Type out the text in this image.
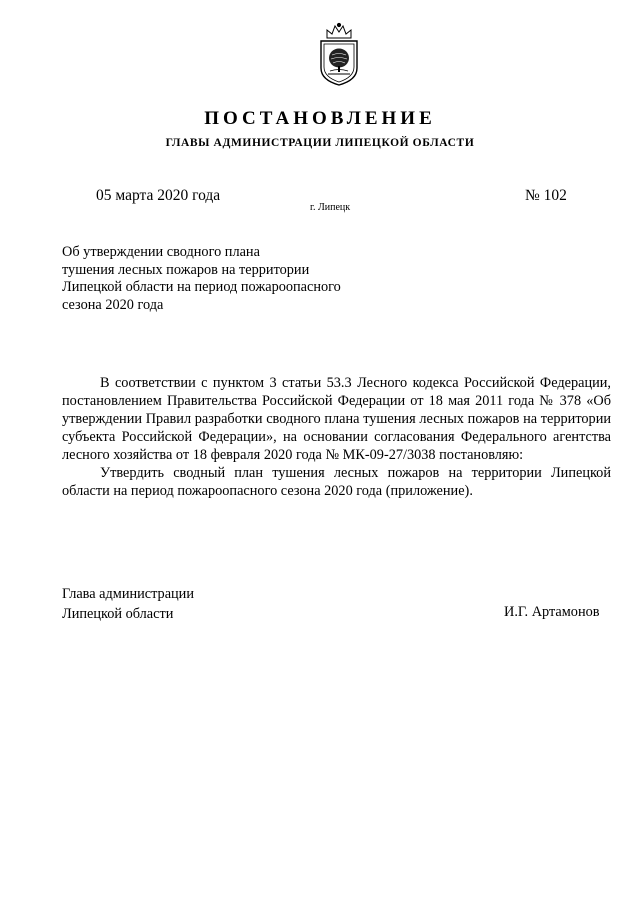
ПОСТАНОВЛЕНИЕ
ГЛАВЫ АДМИНИСТРАЦИИ ЛИПЕЦКОЙ ОБЛАСТИ
05 марта 2020 года
г. Липецк
№ 102
Об утверждении сводного плана
тушения лесных пожаров на территории
Липецкой области на период пожароопасного
сезона 2020 года

В соответствии с пунктом 3 статьи 53.3 Лесного кодекса Российской Федерации, постановлением Правительства Российской Федерации от 18 мая 2011 года № 378 «Об утверждении Правил разработки сводного плана тушения лесных пожаров на территории субъекта Российской Федерации», на основании согласования Федерального агентства лесного хозяйства от 18 февраля 2020 года № МК-09-27/3038 постановляю:

Утвердить сводный план тушения лесных пожаров на территории Липецкой области на период пожароопасного сезона 2020 года (приложение).

Глава администрации
Липецкой области	И.Г. Артамонов
